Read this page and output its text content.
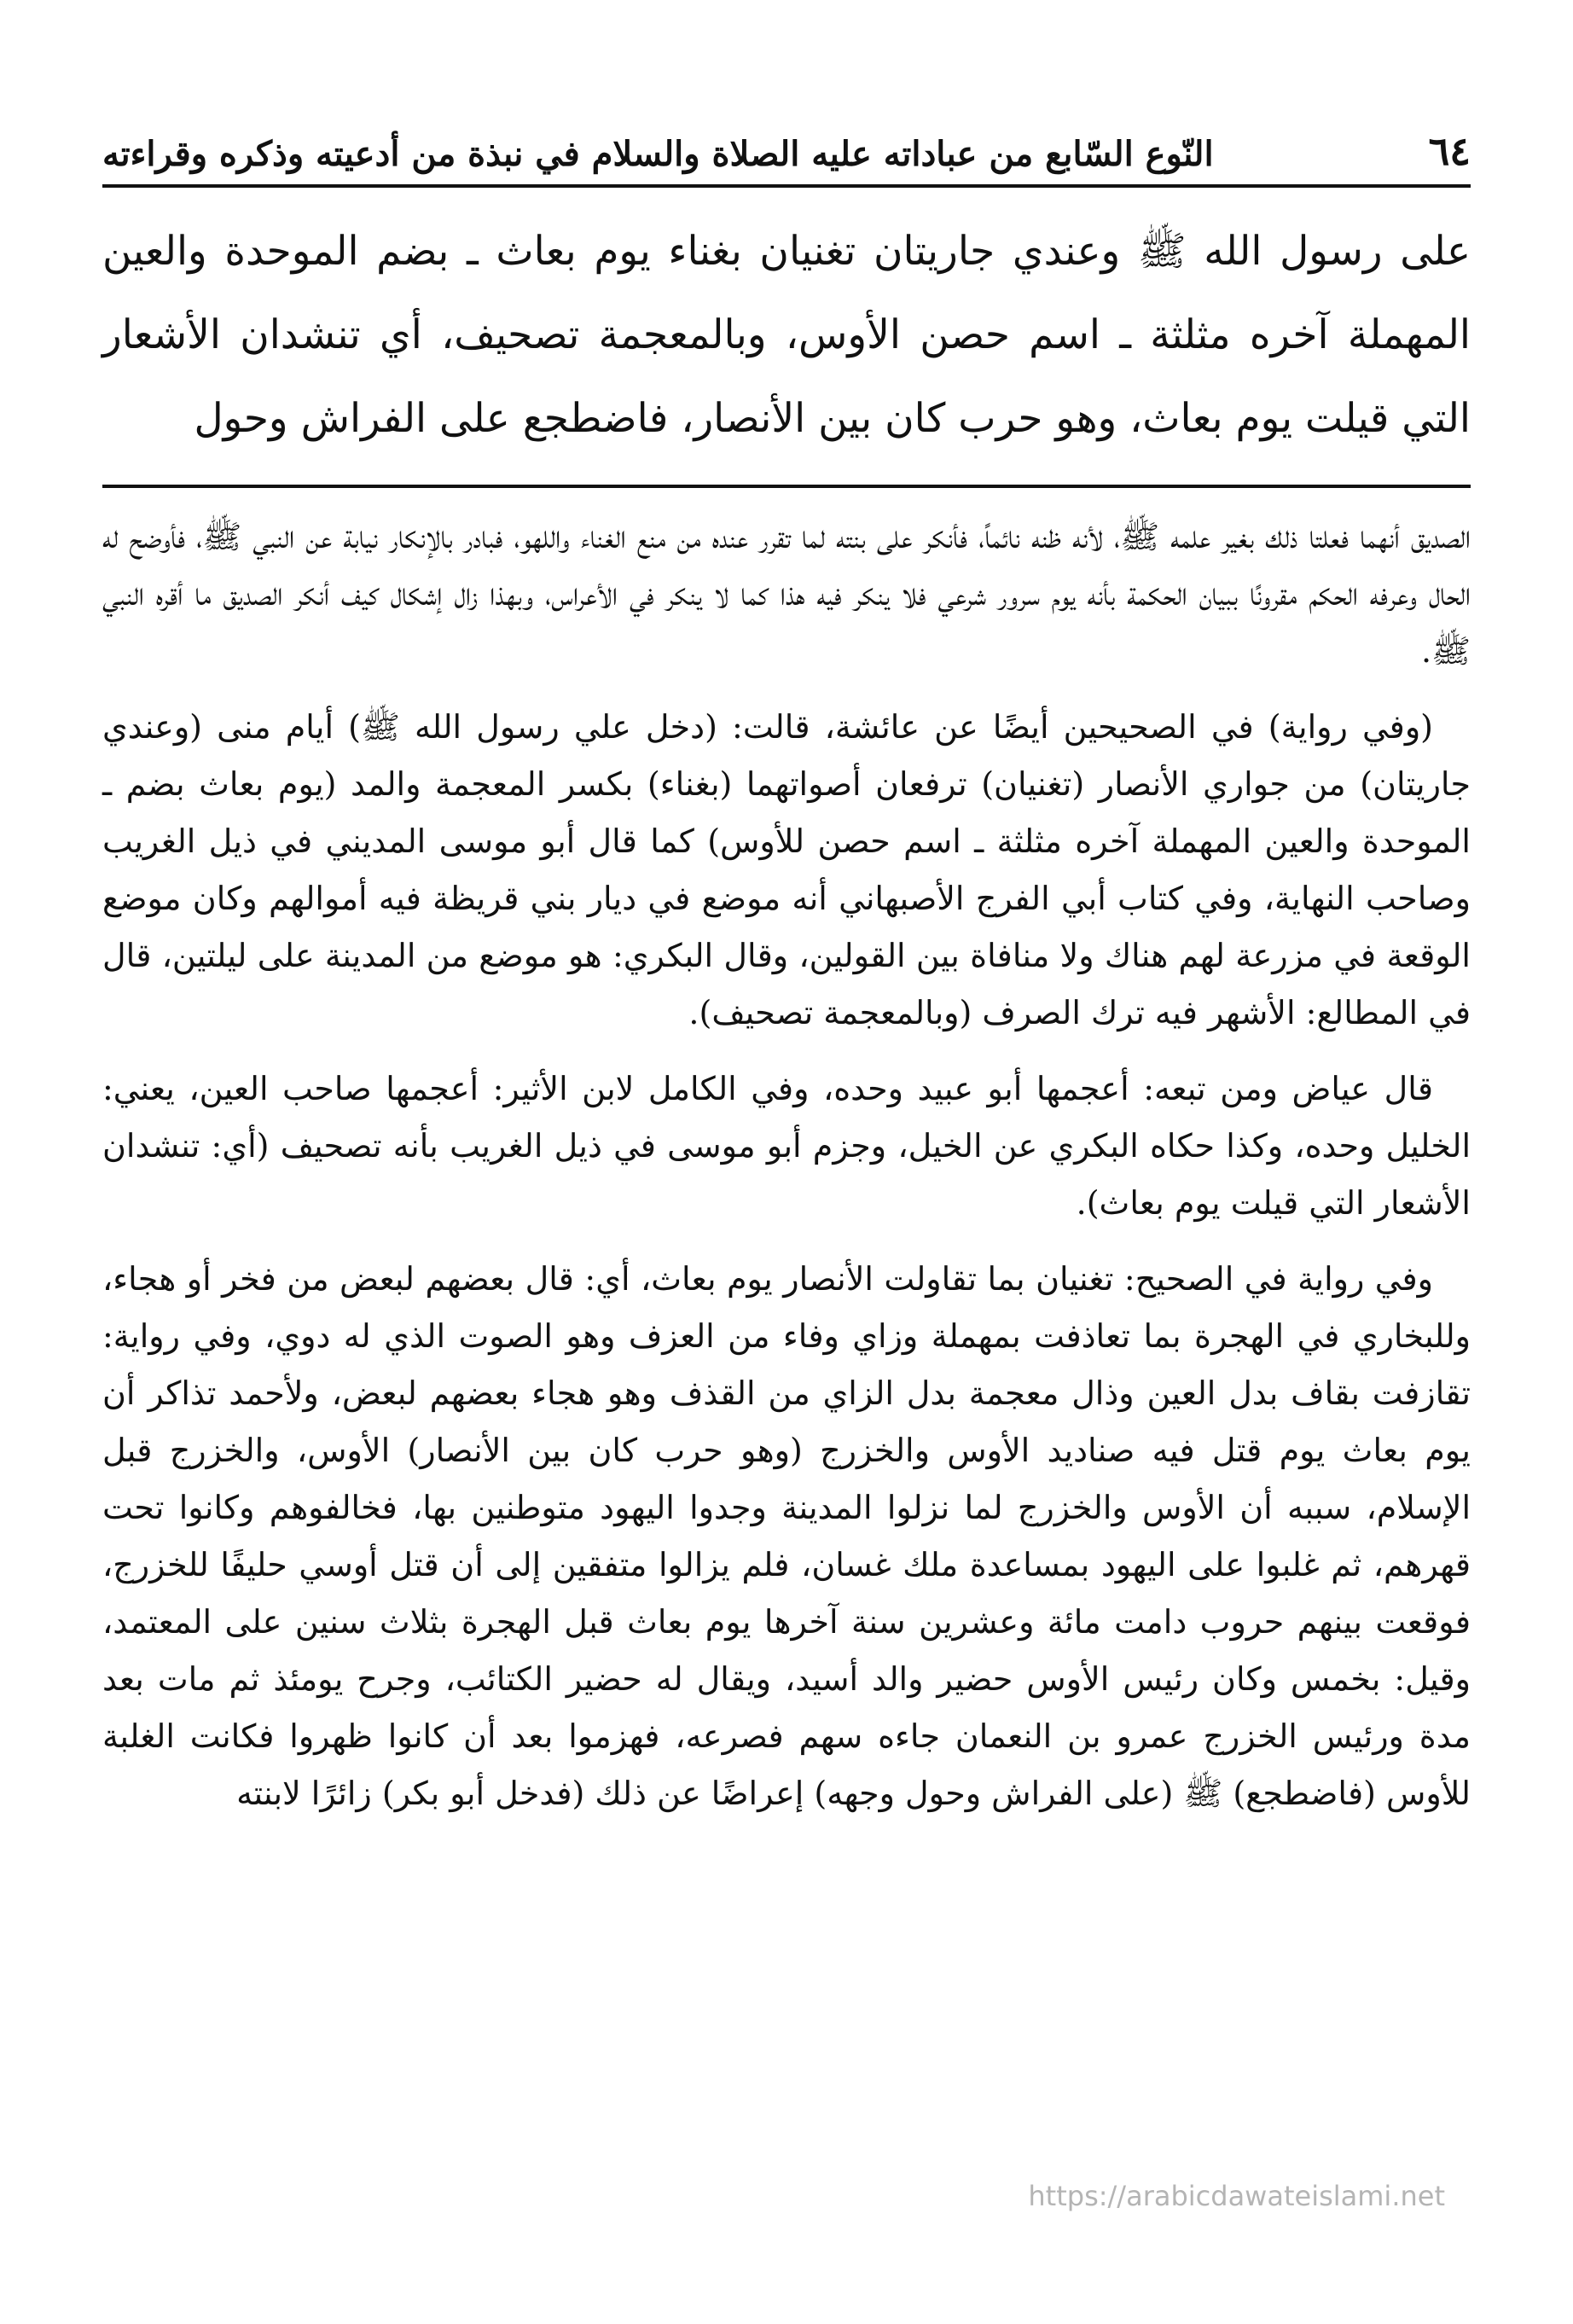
٦٤
النّوع السّابع من عباداته عليه الصلاة والسلام في نبذة من أدعيته وذكره وقراءته
على رسول الله ﷺ وعندي جاريتان تغنيان بغناء يوم بعاث ـ بضم الموحدة والعين المهملة آخره مثلثة ـ اسم حصن الأوس، وبالمعجمة تصحيف، أي تنشدان الأشعار التي قيلت يوم بعاث، وهو حرب كان بين الأنصار، فاضطجع على الفراش وحول

الصديق أنهما فعلتا ذلك بغير علمه ﷺ، لأنه ظنه نائماً، فأنكر على بنته لما تقرر عنده من منع الغناء واللهو، فبادر بالإنكار نيابة عن النبي ﷺ، فأوضح له الحال وعرفه الحكم مقرونًا ببيان الحكمة بأنه يوم سرور شرعي فلا ينكر فيه هذا كما لا ينكر في الأعراس، وبهذا زال إشكال كيف أنكر الصديق ما أقره النبي ﷺ.

(وفي رواية) في الصحيحين أيضًا عن عائشة، قالت: (دخل علي رسول الله ﷺ) أيام منى (وعندي جاريتان) من جواري الأنصار (تغنيان) ترفعان أصواتهما (بغناء) بكسر المعجمة والمد (يوم بعاث بضم ـ الموحدة والعين المهملة آخره مثلثة ـ اسم حصن للأوس) كما قال أبو موسى المديني في ذيل الغريب وصاحب النهاية، وفي كتاب أبي الفرج الأصبهاني أنه موضع في ديار بني قريظة فيه أموالهم وكان موضع الوقعة في مزرعة لهم هناك ولا منافاة بين القولين، وقال البكري: هو موضع من المدينة على ليلتين، قال في المطالع: الأشهر فيه ترك الصرف (وبالمعجمة تصحيف).

قال عياض ومن تبعه: أعجمها أبو عبيد وحده، وفي الكامل لابن الأثير: أعجمها صاحب العين، يعني: الخليل وحده، وكذا حكاه البكري عن الخيل، وجزم أبو موسى في ذيل الغريب بأنه تصحيف (أي: تنشدان الأشعار التي قيلت يوم بعاث).

وفي رواية في الصحيح: تغنيان بما تقاولت الأنصار يوم بعاث، أي: قال بعضهم لبعض من فخر أو هجاء، وللبخاري في الهجرة بما تعاذفت بمهملة وزاي وفاء من العزف وهو الصوت الذي له دوي، وفي رواية: تقازفت بقاف بدل العين وذال معجمة بدل الزاي من القذف وهو هجاء بعضهم لبعض، ولأحمد تذاكر أن يوم بعاث يوم قتل فيه صناديد الأوس والخزرج (وهو حرب كان بين الأنصار) الأوس، والخزرج قبل الإسلام، سببه أن الأوس والخزرج لما نزلوا المدينة وجدوا اليهود متوطنين بها، فخالفوهم وكانوا تحت قهرهم، ثم غلبوا على اليهود بمساعدة ملك غسان، فلم يزالوا متفقين إلى أن قتل أوسي حليفًا للخزرج، فوقعت بينهم حروب دامت مائة وعشرين سنة آخرها يوم بعاث قبل الهجرة بثلاث سنين على المعتمد، وقيل: بخمس وكان رئيس الأوس حضير والد أسيد، ويقال له حضير الكتائب، وجرح يومئذ ثم مات بعد مدة ورئيس الخزرج عمرو بن النعمان جاءه سهم فصرعه، فهزموا بعد أن كانوا ظهروا فكانت الغلبة للأوس (فاضطجع) ﷺ (على الفراش وحول وجهه) إعراضًا عن ذلك (فدخل أبو بكر) زائرًا لابنته

https://arabicdawateislami.net
